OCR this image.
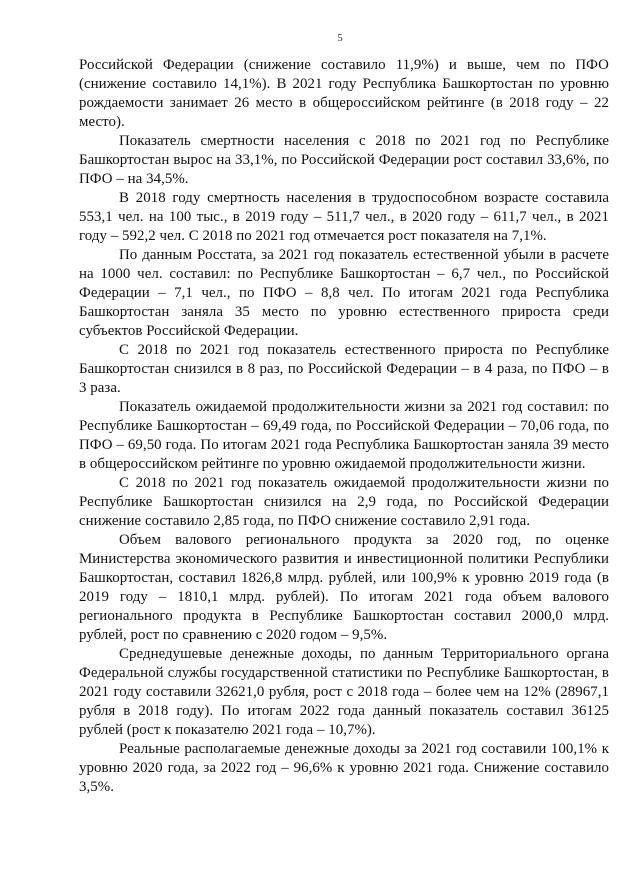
5

Российской Федерации (снижение составило 11,9%) и выше, чем по ПФО (снижение составило 14,1%). В 2021 году Республика Башкортостан по уровню рождаемости занимает 26 место в общероссийском рейтинге (в 2018 году – 22 место).

Показатель смертности населения с 2018 по 2021 год по Республике Башкортостан вырос на 33,1%, по Российской Федерации рост составил 33,6%, по ПФО – на 34,5%.

В 2018 году смертность населения в трудоспособном возрасте составила 553,1 чел. на 100 тыс., в 2019 году – 511,7 чел., в 2020 году – 611,7 чел., в 2021 году – 592,2 чел. С 2018 по 2021 год отмечается рост показателя на 7,1%.

По данным Росстата, за 2021 год показатель естественной убыли в расчете на 1000 чел. составил: по Республике Башкортостан – 6,7 чел., по Российской Федерации – 7,1 чел., по ПФО – 8,8 чел. По итогам 2021 года Республика Башкортостан заняла 35 место по уровню естественного прироста среди субъектов Российской Федерации.

С 2018 по 2021 год показатель естественного прироста по Республике Башкортостан снизился в 8 раз, по Российской Федерации – в 4 раза, по ПФО – в 3 раза.

Показатель ожидаемой продолжительности жизни за 2021 год составил: по Республике Башкортостан – 69,49 года, по Российской Федерации – 70,06 года, по ПФО – 69,50 года. По итогам 2021 года Республика Башкортостан заняла 39 место в общероссийском рейтинге по уровню ожидаемой продолжительности жизни.

С 2018 по 2021 год показатель ожидаемой продолжительности жизни по Республике Башкортостан снизился на 2,9 года, по Российской Федерации снижение составило 2,85 года, по ПФО снижение составило 2,91 года.

Объем валового регионального продукта за 2020 год, по оценке Министерства экономического развития и инвестиционной политики Республики Башкортостан, составил 1826,8 млрд. рублей, или 100,9% к уровню 2019 года (в 2019 году – 1810,1 млрд. рублей). По итогам 2021 года объем валового регионального продукта в Республике Башкортостан составил 2000,0 млрд. рублей, рост по сравнению с 2020 годом – 9,5%.

Среднедушевые денежные доходы, по данным Территориального органа Федеральной службы государственной статистики по Республике Башкортостан, в 2021 году составили 32621,0 рубля, рост с 2018 года – более чем на 12% (28967,1 рубля в 2018 году). По итогам 2022 года данный показатель составил 36125 рублей (рост к показателю 2021 года – 10,7%).

Реальные располагаемые денежные доходы за 2021 год составили 100,1% к уровню 2020 года, за 2022 год – 96,6% к уровню 2021 года. Снижение составило 3,5%.
